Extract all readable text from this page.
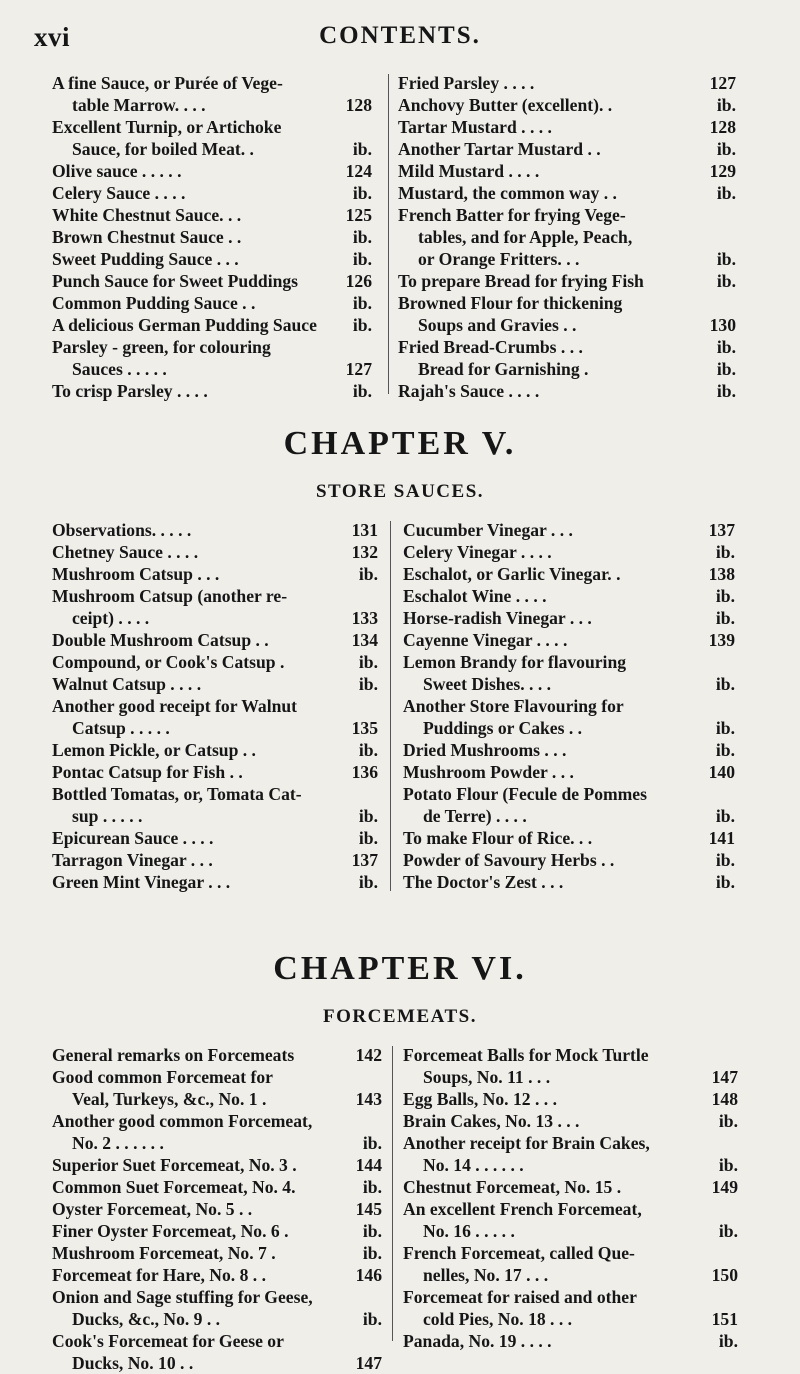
xvi	CONTENTS.
A fine Sauce, or Purée of Vege-
table Marrow. . . .	128
Excellent Turnip, or Artichoke
Sauce, for boiled Meat. .	ib.
Olive sauce . . . . .	124
Celery Sauce . . . .	ib.
White Chestnut Sauce. . .	125
Brown Chestnut Sauce . .	ib.
Sweet Pudding Sauce . . .	ib.
Punch Sauce for Sweet Puddings	126
Common Pudding Sauce . .	ib.
A delicious German Pudding Sauce ib.
Parsley - green, for colouring
Sauces . . . . .	127
To crisp Parsley . . . .	ib.
Fried Parsley . . . .	127
Anchovy Butter (excellent). .	ib.
Tartar Mustard . . . .	128
Another Tartar Mustard . .	ib.
Mild Mustard . . . .	129
Mustard, the common way . .	ib.
French Batter for frying Vege-
tables, and for Apple, Peach,
or Orange Fritters. . .	ib.
To prepare Bread for frying Fish	ib.
Browned Flour for thickening
Soups and Gravies . .	130
Fried Bread-Crumbs . . .	ib.
Bread for Garnishing .	ib.
Rajah's Sauce . . . .	ib.
CHAPTER V.
STORE SAUCES.
Observations. . . . .	131
Chetney Sauce . . . .	132
Mushroom Catsup . . .	ib.
Mushroom Catsup (another re-
ceipt) . . . .	133
Double Mushroom Catsup . .	134
Compound, or Cook's Catsup .	ib.
Walnut Catsup . . . .	ib.
Another good receipt for Walnut
Catsup . . . . .	135
Lemon Pickle, or Catsup . .	ib.
Pontac Catsup for Fish . .	136
Bottled Tomatas, or, Tomata Cat-
sup . . . . .	ib.
Epicurean Sauce . . . .	ib.
Tarragon Vinegar . . .	137
Green Mint Vinegar . . .	ib.
Cucumber Vinegar . . .	137
Celery Vinegar . . . .	ib.
Eschalot, or Garlic Vinegar. .	138
Eschalot Wine . . . .	ib.
Horse-radish Vinegar . . .	ib.
Cayenne Vinegar . . . .	139
Lemon Brandy for flavouring
Sweet Dishes. . . .	ib.
Another Store Flavouring for
Puddings or Cakes . .	ib.
Dried Mushrooms . . .	ib.
Mushroom Powder . . .	140
Potato Flour (Fecule de Pommes
de Terre) . . . .	ib.
To make Flour of Rice. . .	141
Powder of Savoury Herbs . .	ib.
The Doctor's Zest . . .	ib.
CHAPTER VI.
FORCEMEATS.
General remarks on Forcemeats	142
Good common Forcemeat for
Veal, Turkeys, &c., No. 1 .	143
Another good common Forcemeat,
No. 2 . . . . . .	ib.
Superior Suet Forcemeat, No. 3 .	144
Common Suet Forcemeat, No. 4.	ib.
Oyster Forcemeat, No. 5 . .	145
Finer Oyster Forcemeat, No. 6 .	ib.
Mushroom Forcemeat, No. 7 .	ib.
Forcemeat for Hare, No. 8 . .	146
Onion and Sage stuffing for Geese,
Ducks, &c., No. 9 . .	ib.
Cook's Forcemeat for Geese or
Ducks, No. 10 . .	147
Forcemeat Balls for Mock Turtle
Soups, No. 11 . . .	147
Egg Balls, No. 12 . . .	148
Brain Cakes, No. 13 . . .	ib.
Another receipt for Brain Cakes,
No. 14 . . . . . .	ib.
Chestnut Forcemeat, No. 15 .	149
An excellent French Forcemeat,
No. 16 . . . . .	ib.
French Forcemeat, called Que-
nelles, No. 17 . . .	150
Forcemeat for raised and other
cold Pies, No. 18 . . .	151
Panada, No. 19 . . . .	ib.
